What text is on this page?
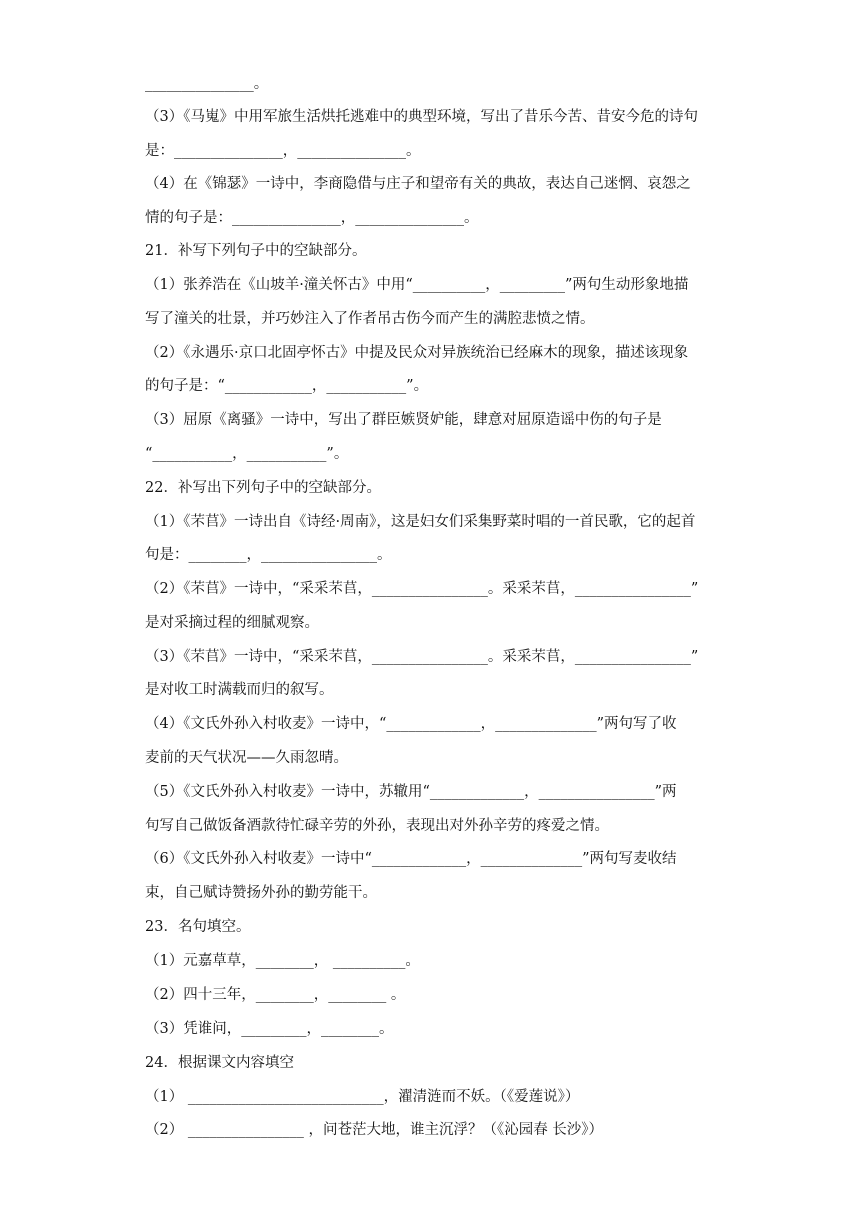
_______________。
（3）《马嵬》中用军旅生活烘托逃难中的典型环境，写出了昔乐今苦、昔安今危的诗句
是：_______________，_______________。
（4）在《锦瑟》一诗中，李商隐借与庄子和望帝有关的典故，表达自己迷惘、哀怨之
情的句子是：_______________，_______________。
21．补写下列句子中的空缺部分。
（1）张养浩在《山坡羊·潼关怀古》中用“__________，_________”两句生动形象地描
写了潼关的壮景，并巧妙注入了作者吊古伤今而产生的满腔悲愤之情。
（2）《永遇乐·京口北固亭怀古》中提及民众对异族统治已经麻木的现象，描述该现象
的句子是：“____________，___________”。
（3）屈原《离骚》一诗中，写出了群臣嫉贤妒能，肆意对屈原造谣中伤的句子是
“___________，___________”。
22．补写出下列句子中的空缺部分。
（1）《芣苢》一诗出自《诗经·周南》，这是妇女们采集野菜时唱的一首民歌，它的起首
句是：________，________________。
（2）《芣苢》一诗中，“采采芣苢，________________。采采芣苢，________________”
是对采摘过程的细腻观察。
（3）《芣苢》一诗中，“采采芣苢，________________。采采芣苢，________________”
是对收工时满载而归的叙写。
（4）《文氏外孙入村收麦》一诗中，“_____________，______________”两句写了收
麦前的天气状况——久雨忽晴。
（5）《文氏外孙入村收麦》一诗中，苏辙用“_____________，________________”两
句写自己做饭备酒款待忙碌辛劳的外孙，表现出对外孙辛劳的疼爱之情。
（6）《文氏外孙入村收麦》一诗中“_____________，______________”两句写麦收结
束，自己赋诗赞扬外孙的勤劳能干。
23．名句填空。
（1）元嘉草草，________， __________。
（2）四十三年，________，________ 。
（3）凭谁问，_________，________。
24．根据课文内容填空
（1） ___________________________，濯清涟而不妖。（《爱莲说》）
（2） ________________ ，问苍茫大地，谁主沉浮？（《沁园春 长沙》）
